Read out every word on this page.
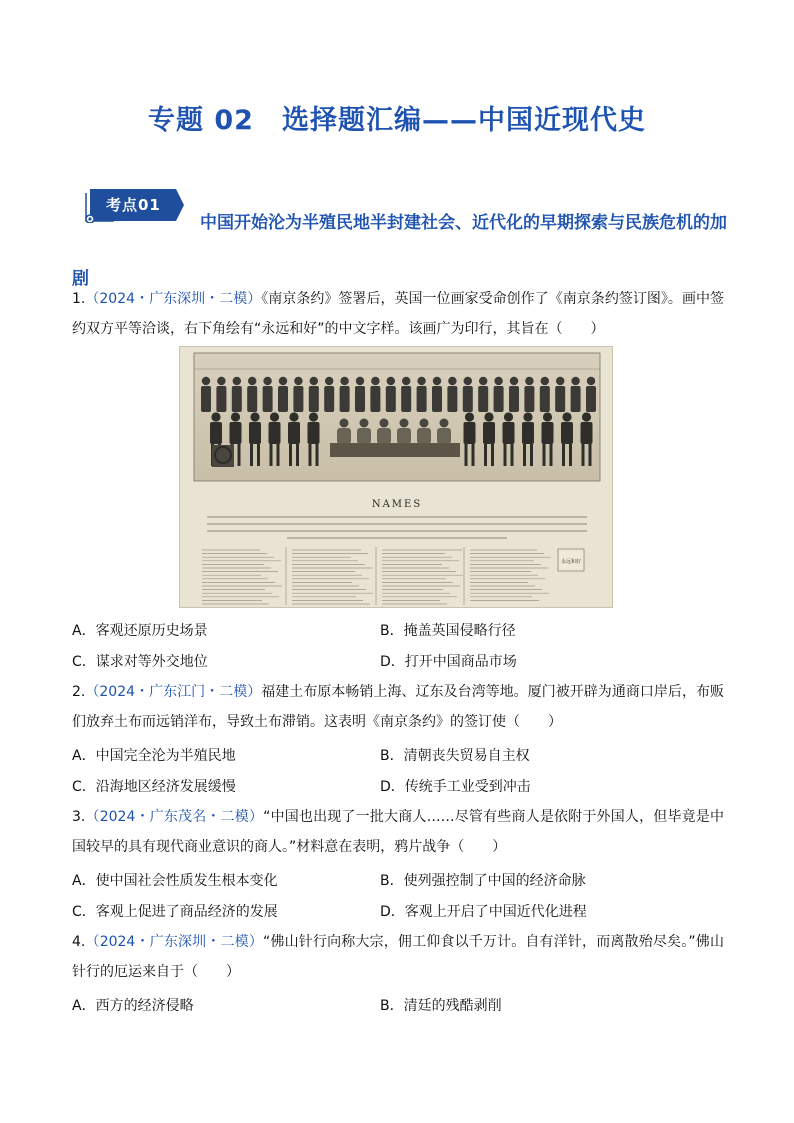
专题 02　选择题汇编——中国近现代史
中国开始沦为半殖民地半封建社会、近代化的早期探索与民族危机的加剧
考点01
1.（2024・广东深圳・二模）《南京条约》签署后，英国一位画家受命创作了《南京条约签订图》。画中签约双方平等洽谈，右下角绘有“永远和好”的中文字样。该画广为印行，其旨在（　　）
NAMES
永远和好
A．客观还原历史场景	B．掩盖英国侵略行径
C．谋求对等外交地位	D．打开中国商品市场
2.（2024・广东江门・二模）福建土布原本畅销上海、辽东及台湾等地。厦门被开辟为通商口岸后，布贩们放弃土布而远销洋布，导致土布滞销。这表明《南京条约》的签订使（　　）
A．中国完全沦为半殖民地	B．清朝丧失贸易自主权
C．沿海地区经济发展缓慢	D．传统手工业受到冲击
3.（2024・广东茂名・二模）“中国也出现了一批大商人……尽管有些商人是依附于外国人，但毕竟是中国较早的具有现代商业意识的商人。”材料意在表明，鸦片战争（　　）
A．使中国社会性质发生根本变化	B．使列强控制了中国的经济命脉
C．客观上促进了商品经济的发展	D．客观上开启了中国近代化进程
4.（2024・广东深圳・二模）“佛山针行向称大宗，佣工仰食以千万计。自有洋针，而离散殆尽矣。”佛山针行的厄运来自于（　　）
A．西方的经济侵略	B．清廷的残酷剥削
